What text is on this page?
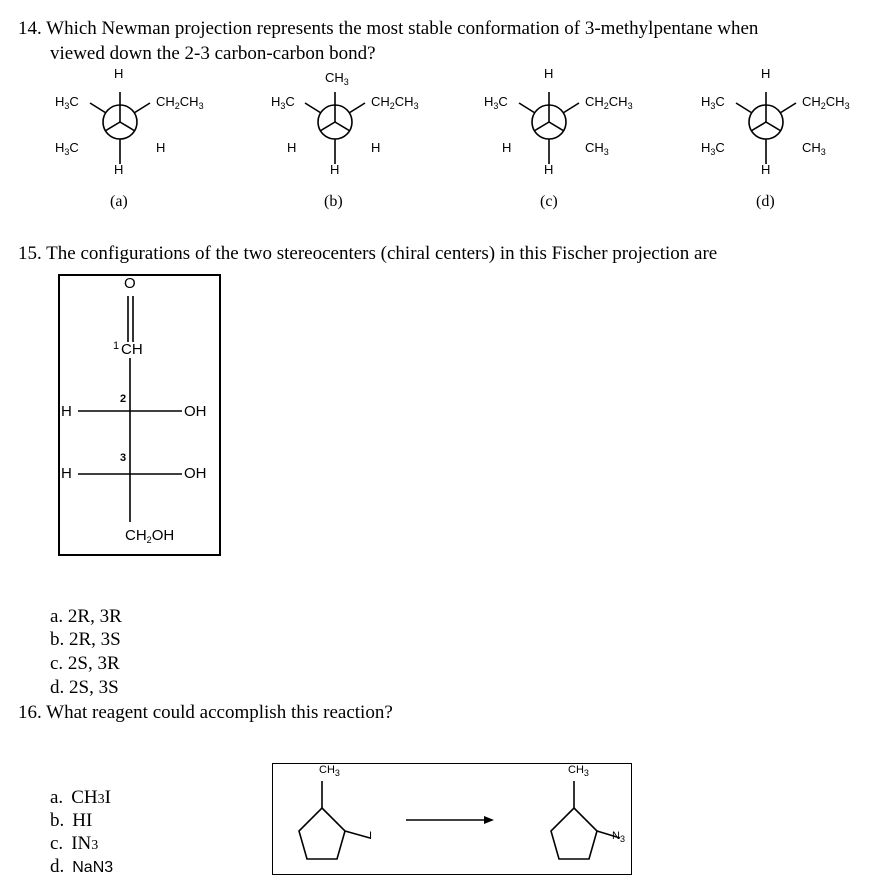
14. Which Newman projection represents the most stable conformation of 3-methylpentane when
viewed down the 2-3 carbon-carbon bond?
H
$H_3C$	$CH_2CH_3$
$H_3C$	H
H
(a)
$CH_3$
$H_3C$	$CH_2CH_3$
H	H
H
(b)
H
$H_3C$	$CH_2CH_3$
H	$CH_3$
H
(c)
H
$H_3C$	$CH_2CH_3$
$H_3C$	$CH_3$
H
(d)
15. The configurations of the two stereocenters (chiral centers) in this Fischer projection are
O
1 CH
2
H	OH
3
H	OH
$CH_2OH$
a. 2R, 3R
b. 2R, 3S
c. 2S, 3R
d. 2S, 3S
16. What reagent could accomplish this reaction?
a. CH3I
b. HI
c. IN3
d. NaN3
$CH_3$
I
$CH_3$
$N_3$
